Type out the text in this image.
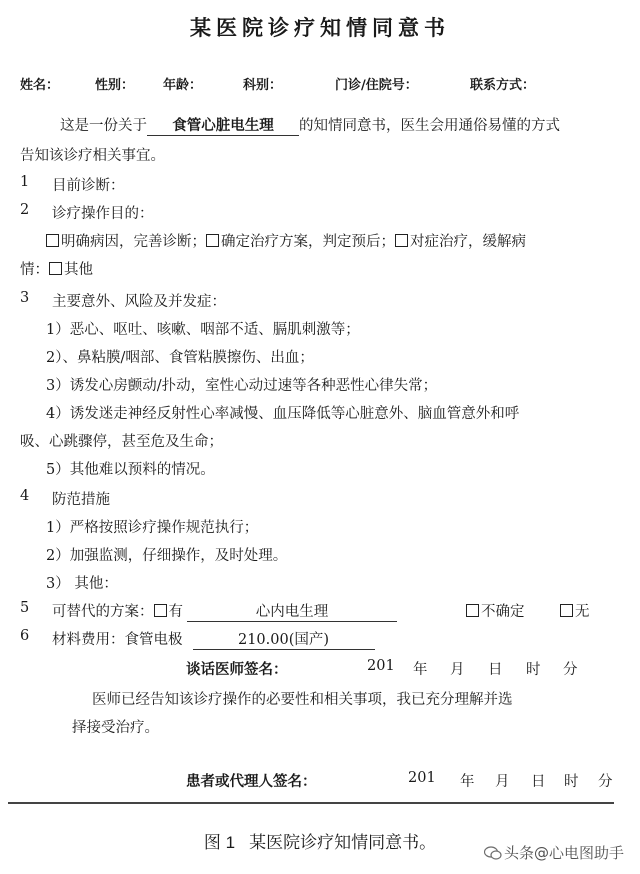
某医院诊疗知情同意书
姓名：	性别： 年龄：	科别：	门诊/住院号：	联系方式：
这是一份关于 食管心脏电生理 的知情同意书，医生会用通俗易懂的方式
告知该诊疗相关事宜。
1 目前诊断：
2 诊疗操作目的：
明确病因，完善诊断； 确定治疗方案，判定预后； 对症治疗，缓解病
情： 其他
3 主要意外、风险及并发症：
1）恶心、呕吐、咳嗽、咽部不适、膈肌刺激等；
2）、鼻粘膜/咽部、食管粘膜擦伤、出血；
3）诱发心房颤动/扑动，室性心动过速等各种恶性心律失常；
4）诱发迷走神经反射性心率减慢、血压降低等心脏意外、脑血管意外和呼
吸、心跳骤停，甚至危及生命；
5）其他难以预料的情况。
4 防范措施
1）严格按照诊疗操作规范执行；
2）加强监测，仔细操作，及时处理。
3） 其他：
5 可替代的方案： 有	心内电生理	不确定	无
6 材料费用：食管电极	210.00(国产)
谈话医师签名：	201 年 月 日 时 分
医师已经告知该诊疗操作的必要性和相关事项，我已充分理解并选
择接受治疗。
患者或代理人签名：	201 年 月 日 时 分
图 1 某医院诊疗知情同意书。
头条@心电图助手
